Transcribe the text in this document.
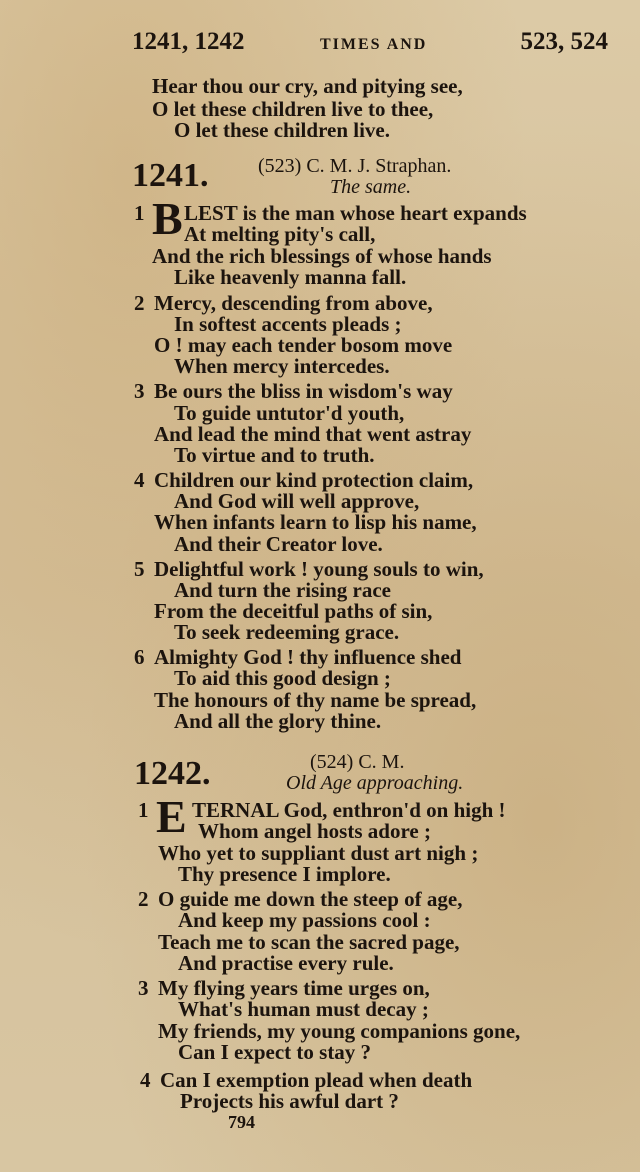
1241, 1242	TIMES AND	523, 524
Hear thou our cry, and pitying see,
O let these children live to thee,
O let these children live.
1241. (523) C. M. J. Straphan.
The same.
1 B LEST is the man whose heart expands
At melting pity's call,
And the rich blessings of whose hands
Like heavenly manna fall.
2 Mercy, descending from above,
In softest accents pleads ;
O ! may each tender bosom move
When mercy intercedes.
3 Be ours the bliss in wisdom's way
To guide untutor'd youth,
And lead the mind that went astray
To virtue and to truth.
4 Children our kind protection claim,
And God will well approve,
When infants learn to lisp his name,
And their Creator love.
5 Delightful work ! young souls to win,
And turn the rising race
From the deceitful paths of sin,
To seek redeeming grace.
6 Almighty God ! thy influence shed
To aid this good design ;
The honours of thy name be spread,
And all the glory thine.
1242.	(524) C. M.
Old Age approaching.
1 E TERNAL God, enthron'd on high !
Whom angel hosts adore ;
Who yet to suppliant dust art nigh ;
Thy presence I implore.
2 O guide me down the steep of age,
And keep my passions cool :
Teach me to scan the sacred page,
And practise every rule.
3 My flying years time urges on,
What's human must decay ;
My friends, my young companions gone,
Can I expect to stay ?
4 Can I exemption plead when death
Projects his awful dart ?
794
